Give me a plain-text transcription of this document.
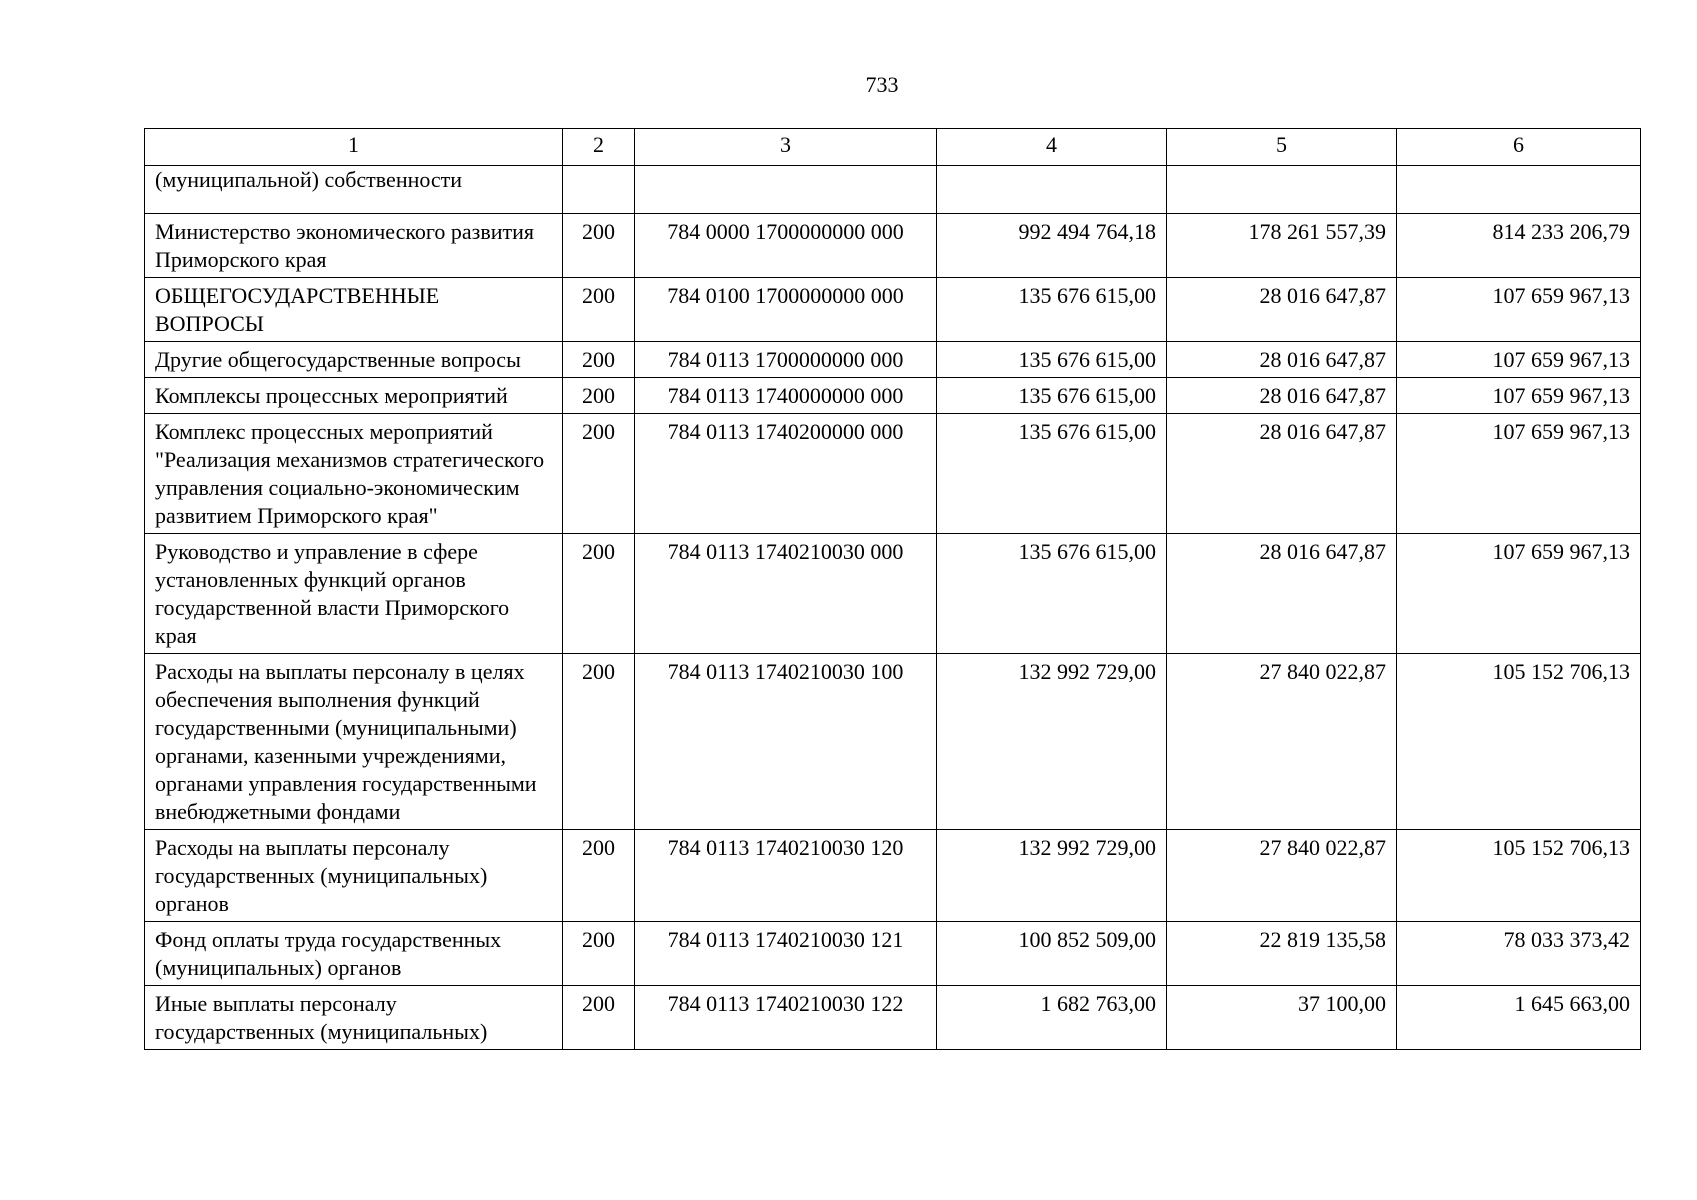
733
1	2	3	4	5	6
(муниципальной) собственности					
Министерство экономического развития Приморского края	200	784 0000 1700000000 000	992 494 764,18	178 261 557,39	814 233 206,79
ОБЩЕГОСУДАРСТВЕННЫЕ ВОПРОСЫ	200	784 0100 1700000000 000	135 676 615,00	28 016 647,87	107 659 967,13
Другие общегосударственные вопросы	200	784 0113 1700000000 000	135 676 615,00	28 016 647,87	107 659 967,13
Комплексы процессных мероприятий	200	784 0113 1740000000 000	135 676 615,00	28 016 647,87	107 659 967,13
Комплекс процессных мероприятий "Реализация механизмов стратегического управления социально-экономическим развитием Приморского края"	200	784 0113 1740200000 000	135 676 615,00	28 016 647,87	107 659 967,13
Руководство и управление в сфере установленных функций органов государственной власти Приморского края	200	784 0113 1740210030 000	135 676 615,00	28 016 647,87	107 659 967,13
Расходы на выплаты персоналу в целях обеспечения выполнения функций государственными (муниципальными) органами, казенными учреждениями, органами управления государственными внебюджетными фондами	200	784 0113 1740210030 100	132 992 729,00	27 840 022,87	105 152 706,13
Расходы на выплаты персоналу государственных (муниципальных) органов	200	784 0113 1740210030 120	132 992 729,00	27 840 022,87	105 152 706,13
Фонд оплаты труда государственных (муниципальных) органов	200	784 0113 1740210030 121	100 852 509,00	22 819 135,58	78 033 373,42
Иные выплаты персоналу государственных (муниципальных)	200	784 0113 1740210030 122	1 682 763,00	37 100,00	1 645 663,00
